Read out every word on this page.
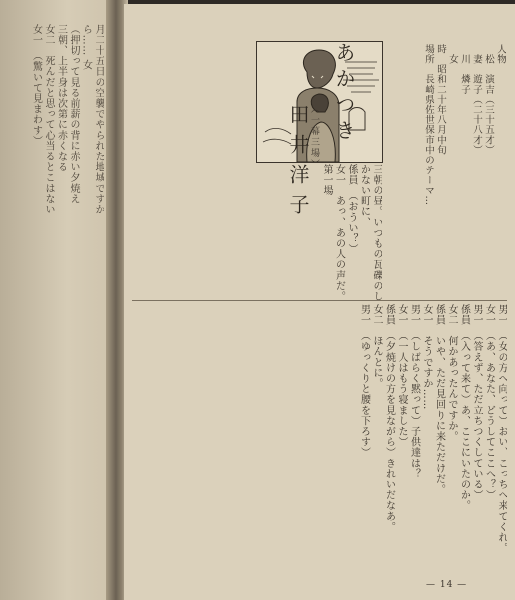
月二十五日の空襲でやられた地域ですか
ら…… 女
（押切って見る前薪の背に赤い夕焼え
三朝、上半身は次第に赤くなる
女二　死んだと思って心当るとこはない
女一　（驚いて見まわす）
人物
　松　演吉（三十五才）
　妻　遊子（二十八才）
　川　燐子
　女
時　昭和二十年八月中旬
場所　長崎県佐世保市中のテーマ…
あかつき
（一幕三場）
田井洋子	三朝の昼。いつもの瓦礫のしかない町に、
係員　（おうい？）
女一　あっ、あの人の声だ。
第一場
男一　（女の方へ向って）おい、こっちへ来てくれ。
女一　（あ、あなた、どうしてここへ？）
男一　（答えず、ただ立ちつくしている）
係員　（入って来て）あ、ここにいたのか。
女二　何かあったんですか。
係員　いや、ただ見回りに来ただけだ。
女一　そうですか……
男一　（しばらく黙って）子供達は？
女一　（一人はもう寝ました）
係員　（夕焼けの方を見ながら）きれいだなあ。
女二　ほんとに。
男一　（ゆっくりと腰を下ろす）
— 14 —
